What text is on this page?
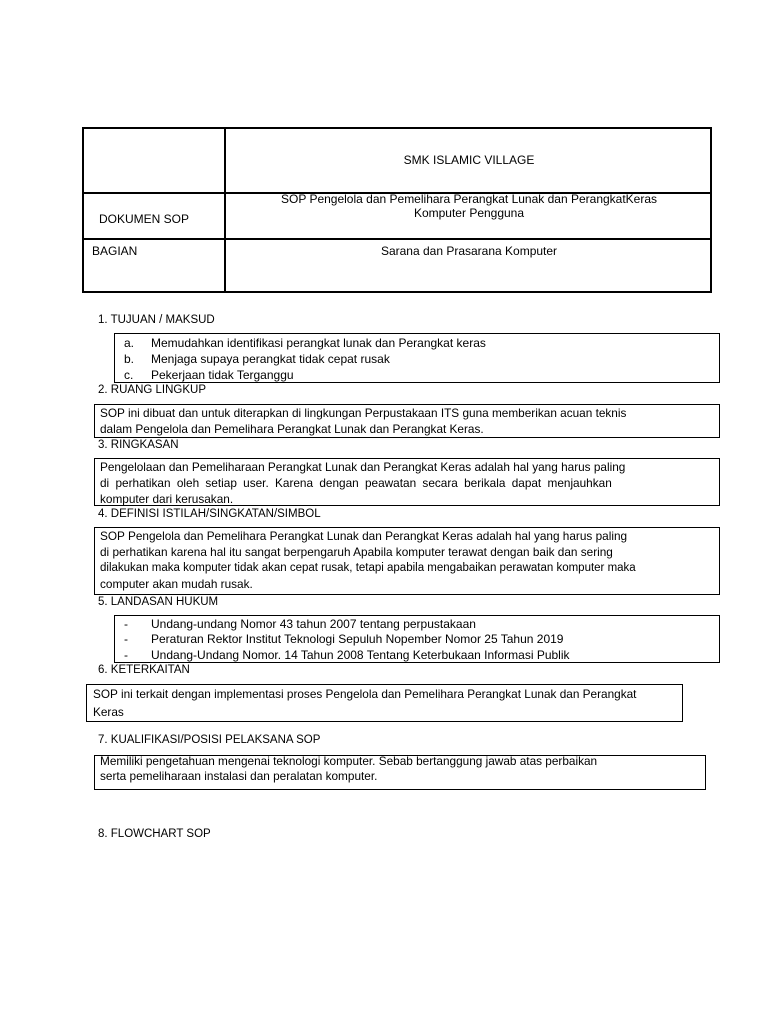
SMK ISLAMIC VILLAGE
DOKUMEN SOP
SOP Pengelola dan Pemelihara Perangkat Lunak dan PerangkatKeras
Komputer Pengguna
BAGIAN	Sarana dan Prasarana Komputer
1. TUJUAN / MAKSUD
a. Memudahkan identifikasi perangkat lunak dan Perangkat keras
b. Menjaga supaya perangkat tidak cepat rusak
c. Pekerjaan tidak Terganggu
2. RUANG LINGKUP
SOP ini dibuat dan untuk diterapkan di lingkungan Perpustakaan ITS guna memberikan acuan teknis
dalam Pengelola dan Pemelihara Perangkat Lunak dan Perangkat Keras.
3. RINGKASAN
Pengelolaan dan Pemeliharaan Perangkat Lunak dan Perangkat Keras adalah hal yang harus paling
di perhatikan oleh setiap user. Karena dengan peawatan secara berikala dapat menjauhkan
komputer dari kerusakan.
4. DEFINISI ISTILAH/SINGKATAN/SIMBOL
SOP Pengelola dan Pemelihara Perangkat Lunak dan Perangkat Keras adalah hal yang harus paling
di perhatikan karena hal itu sangat berpengaruh Apabila komputer terawat dengan baik dan sering
dilakukan maka komputer tidak akan cepat rusak, tetapi apabila mengabaikan perawatan komputer maka
computer akan mudah rusak.
5. LANDASAN HUKUM
- Undang-undang Nomor 43 tahun 2007 tentang perpustakaan
- Peraturan Rektor Institut Teknologi Sepuluh Nopember Nomor 25 Tahun 2019
- Undang-Undang Nomor. 14 Tahun 2008 Tentang Keterbukaan Informasi Publik
6. KETERKAITAN
SOP ini terkait dengan implementasi proses Pengelola dan Pemelihara Perangkat Lunak dan Perangkat
Keras
7. KUALIFIKASI/POSISI PELAKSANA SOP
Memiliki pengetahuan mengenai teknologi komputer. Sebab bertanggung jawab atas perbaikan
serta pemeliharaan instalasi dan peralatan komputer.
8. FLOWCHART SOP
